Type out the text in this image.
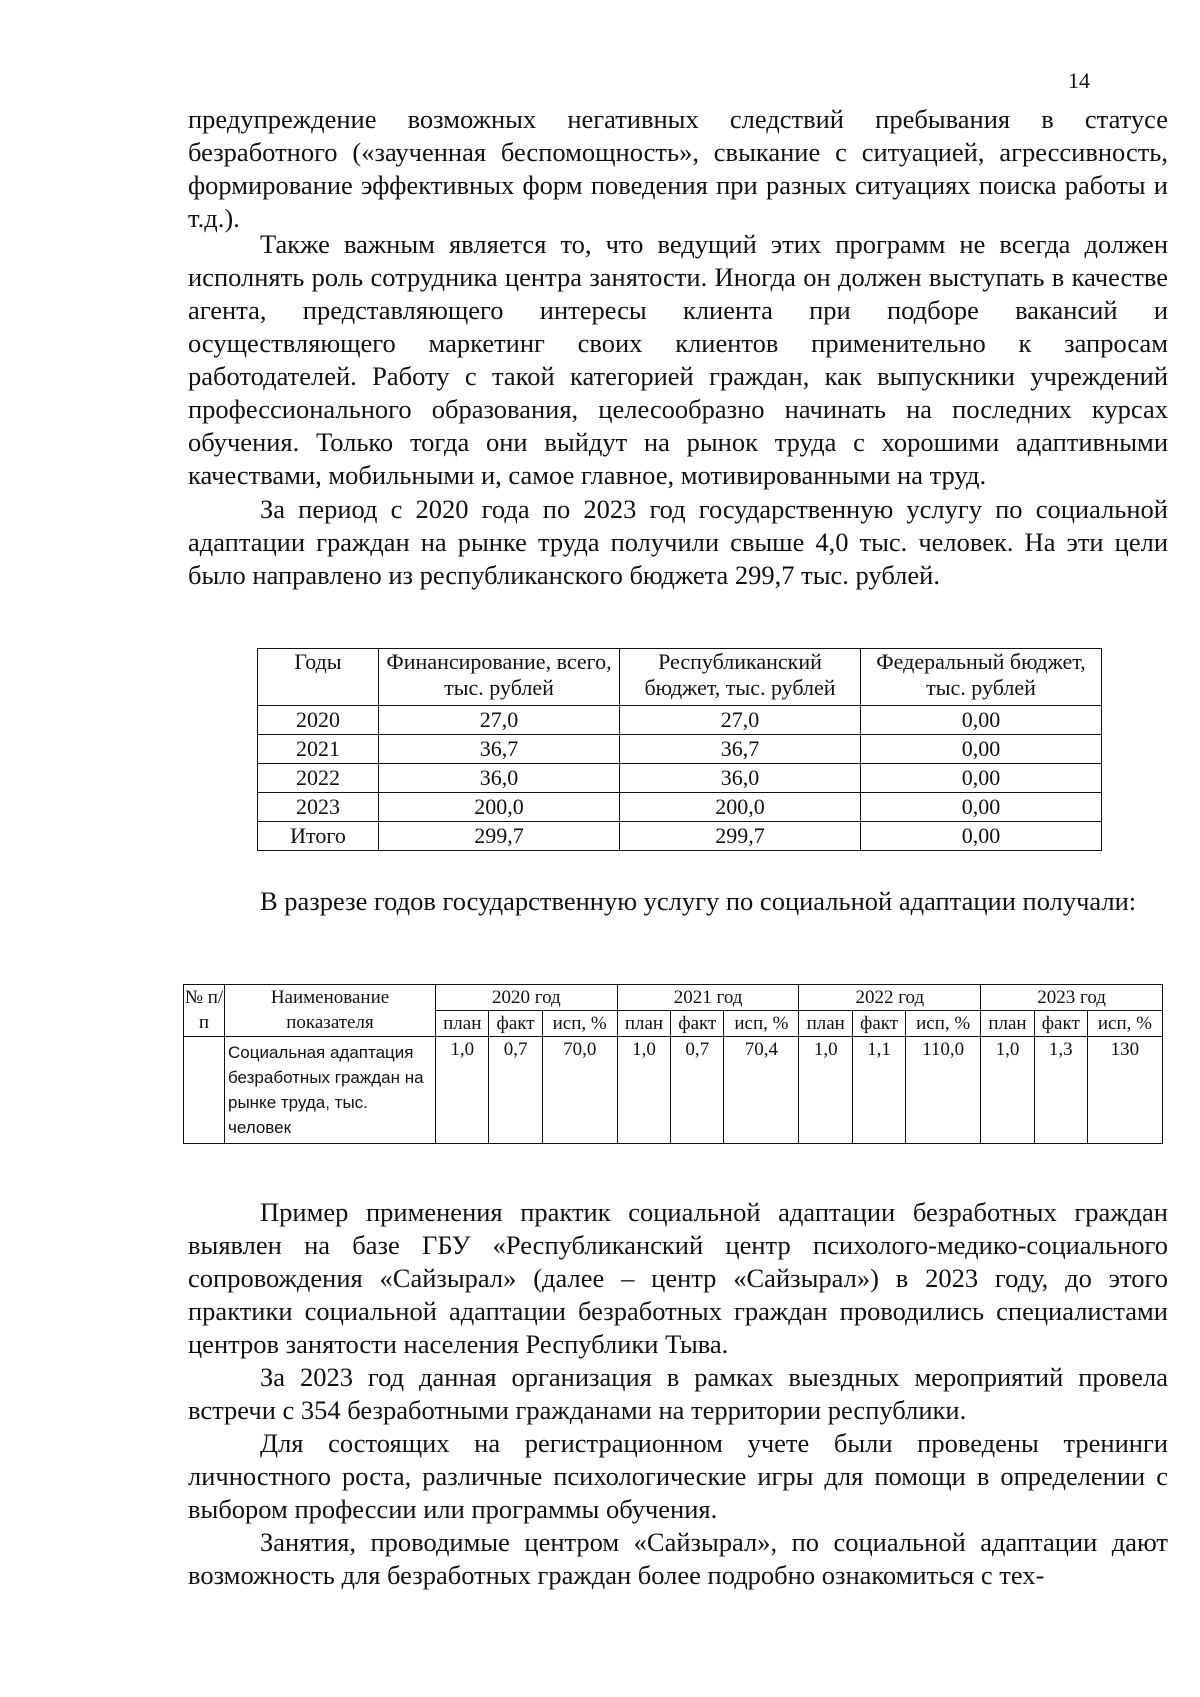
14

предупреждение возможных негативных следствий пребывания в статусе безработного («заученная беспомощность», свыкание с ситуацией, агрессивность, формирование эффективных форм поведения при разных ситуациях поиска работы и т.д.).

Также важным является то, что ведущий этих программ не всегда должен исполнять роль сотрудника центра занятости. Иногда он должен выступать в качестве агента, представляющего интересы клиента при подборе вакансий и осуществляющего маркетинг своих клиентов применительно к запросам работодателей. Работу с такой категорией граждан, как выпускники учреждений профессионального образования, целесообразно начинать на последних курсах обучения. Только тогда они выйдут на рынок труда с хорошими адаптивными качествами, мобильными и, самое главное, мотивированными на труд.

За период с 2020 года по 2023 год государственную услугу по социальной адаптации граждан на рынке труда получили свыше 4,0 тыс. человек. На эти цели было направлено из республиканского бюджета 299,7 тыс. рублей.

Годы	Финансирование, всего, тыс. рублей	Республиканский бюджет, тыс. рублей	Федеральный бюджет, тыс. рублей
2020	27,0	27,0	0,00
2021	36,7	36,7	0,00
2022	36,0	36,0	0,00
2023	200,0	200,0	0,00
Итого	299,7	299,7	0,00

В разрезе годов государственную услугу по социальной адаптации получали:

№ п/п	Наименование показателя	2020 год			2021 год			2022 год			2023 год		
		план	факт	исп, %	план	факт	исп, %	план	факт	исп, %	план	факт	исп, %
	Социальная адаптация безработных граждан на рынке труда, тыс. человек	1,0	0,7	70,0	1,0	0,7	70,4	1,0	1,1	110,0	1,0	1,3	130

Пример применения практик социальной адаптации безработных граждан выявлен на базе ГБУ «Республиканский центр психолого-медико-социального сопровождения «Сайзырал» (далее – центр «Сайзырал») в 2023 году, до этого практики социальной адаптации безработных граждан проводились специалистами центров занятости населения Республики Тыва.

За 2023 год данная организация в рамках выездных мероприятий провела встречи с 354 безработными гражданами на территории республики.

Для состоящих на регистрационном учете были проведены тренинги личностного роста, различные психологические игры для помощи в определении с выбором профессии или программы обучения.

Занятия, проводимые центром «Сайзырал», по социальной адаптации дают возможность для безработных граждан более подробно ознакомиться с тех-
